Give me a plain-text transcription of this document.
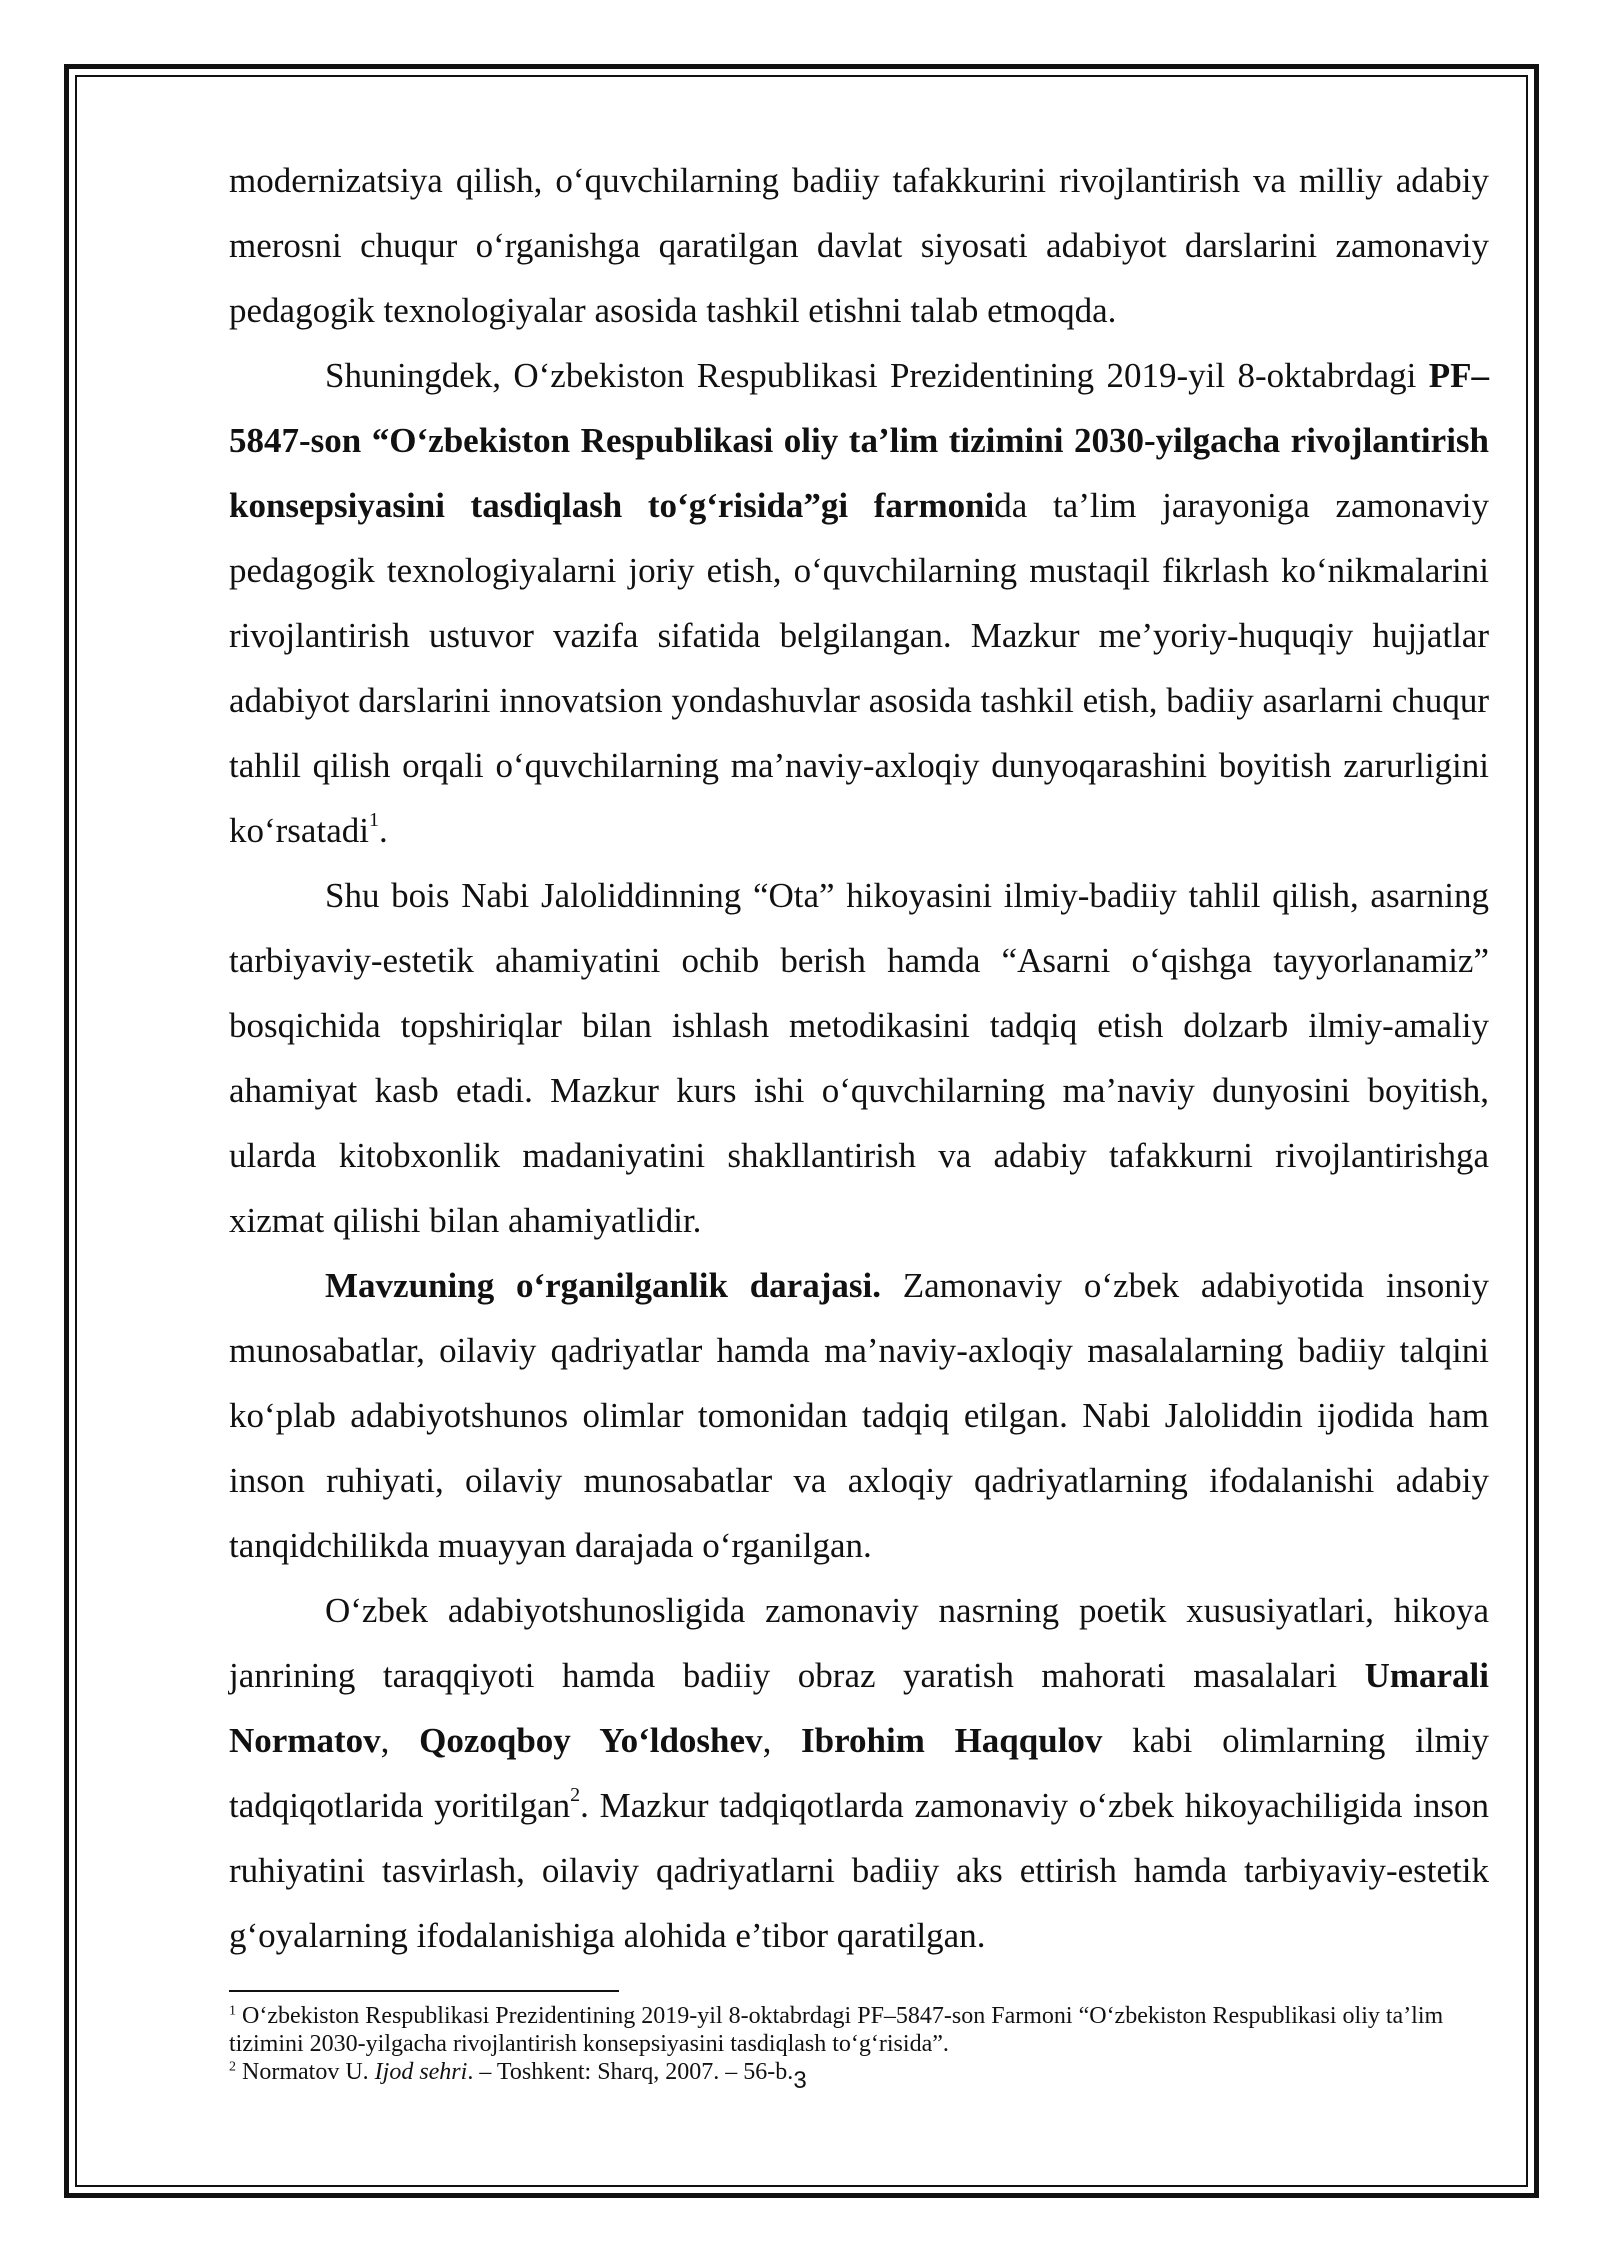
modernizatsiya qilish, o‘quvchilarning badiiy tafakkurini rivojlantirish va milliy adabiy merosni chuqur o‘rganishga qaratilgan davlat siyosati adabiyot darslarini zamonaviy pedagogik texnologiyalar asosida tashkil etishni talab etmoqda.

Shuningdek, O‘zbekiston Respublikasi Prezidentining 2019-yil 8-oktabrdagi PF–5847-son “O‘zbekiston Respublikasi oliy ta’lim tizimini 2030-yilgacha rivojlantirish konsepsiyasini tasdiqlash to‘g‘risida”gi farmonida ta’lim jarayoniga zamonaviy pedagogik texnologiyalarni joriy etish, o‘quvchilarning mustaqil fikrlash ko‘nikmalarini rivojlantirish ustuvor vazifa sifatida belgilangan. Mazkur me’yoriy-huquqiy hujjatlar adabiyot darslarini innovatsion yondashuvlar asosida tashkil etish, badiiy asarlarni chuqur tahlil qilish orqali o‘quvchilarning ma’naviy-axloqiy dunyoqarashini boyitish zarurligini ko‘rsatadi$^1$.

Shu bois Nabi Jaloliddinning “Ota” hikoyasini ilmiy-badiiy tahlil qilish, asarning tarbiyaviy-estetik ahamiyatini ochib berish hamda “Asarni o‘qishga tayyorlanamiz” bosqichida topshiriqlar bilan ishlash metodikasini tadqiq etish dolzarb ilmiy-amaliy ahamiyat kasb etadi. Mazkur kurs ishi o‘quvchilarning ma’naviy dunyosini boyitish, ularda kitobxonlik madaniyatini shakllantirish va adabiy tafakkurni rivojlantirishga xizmat qilishi bilan ahamiyatlidir.

Mavzuning o‘rganilganlik darajasi. Zamonaviy o‘zbek adabiyotida insoniy munosabatlar, oilaviy qadriyatlar hamda ma’naviy-axloqiy masalalarning badiiy talqini ko‘plab adabiyotshunos olimlar tomonidan tadqiq etilgan. Nabi Jaloliddin ijodida ham inson ruhiyati, oilaviy munosabatlar va axloqiy qadriyatlarning ifodalanishi adabiy tanqidchilikda muayyan darajada o‘rganilgan.

O‘zbek adabiyotshunosligida zamonaviy nasrning poetik xususiyatlari, hikoya janrining taraqqiyoti hamda badiiy obraz yaratish mahorati masalalari Umarali Normatov, Qozoqboy Yo‘ldoshev, Ibrohim Haqqulov kabi olimlarning ilmiy tadqiqotlarida yoritilgan$^2$. Mazkur tadqiqotlarda zamonaviy o‘zbek hikoyachiligida inson ruhiyatini tasvirlash, oilaviy qadriyatlarni badiiy aks ettirish hamda tarbiyaviy-estetik g‘oyalarning ifodalanishiga alohida e’tibor qaratilgan.

$^1$ O‘zbekiston Respublikasi Prezidentining 2019-yil 8-oktabrdagi PF–5847-son Farmoni “O‘zbekiston Respublikasi oliy ta’lim tizimini 2030-yilgacha rivojlantirish konsepsiyasini tasdiqlash to‘g‘risida”.

$^2$ Normatov U. Ijod sehri. – Toshkent: Sharq, 2007. – 56-b. 3
